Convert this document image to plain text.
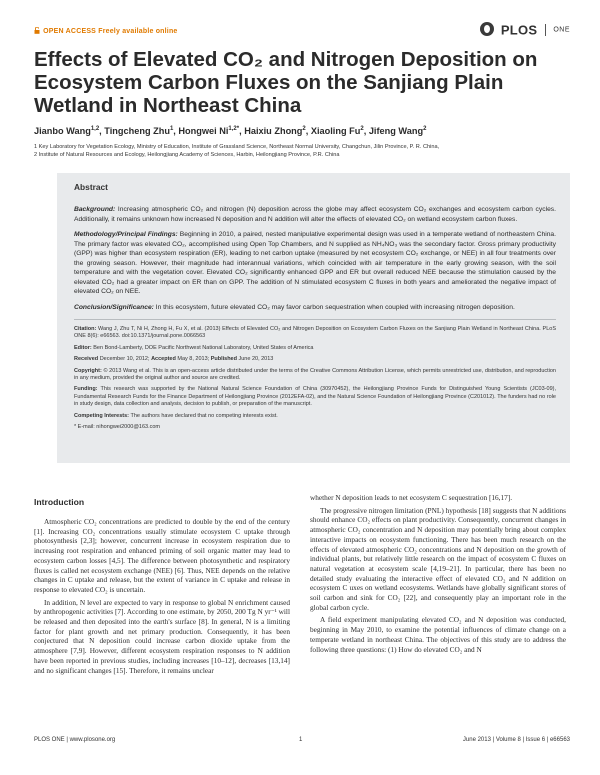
OPEN ACCESS Freely available online	PLOS ONE
Effects of Elevated CO₂ and Nitrogen Deposition on Ecosystem Carbon Fluxes on the Sanjiang Plain Wetland in Northeast China
Jianbo Wang$^{1,2}$, Tingcheng Zhu$^1$, Hongwei $Ni^{1,2*}$, Haixiu Zhong$^2$, Xiaoling Fu$^2$, Jifeng Wang$^2$
1 Key Laboratory for Vegetation Ecology, Ministry of Education, Institute of Grassland Science, Northeast Normal University, Changchun, Jilin Province, P. R. China,
2 Institute of Natural Resources and Ecology, Heilongjiang Academy of Sciences, Harbin, Heilongjiang Province, P.R. China
Abstract

Background: Increasing atmospheric CO₂ and nitrogen (N) deposition across the globe may affect ecosystem CO₂ exchanges and ecosystem carbon cycles. Additionally, it remains unknown how increased N deposition and N addition will alter the effects of elevated CO₂ on wetland ecosystem carbon fluxes.

Methodology/Principal Findings: Beginning in 2010, a paired, nested manipulative experimental design was used in a temperate wetland of northeastern China. The primary factor was elevated CO₂, accomplished using Open Top Chambers, and N supplied as NH₄NO₃ was the secondary factor. Gross primary productivity (GPP) was higher than ecosystem respiration (ER), leading to net carbon uptake (measured by net ecosystem CO₂ exchange, or NEE) in all four treatments over the growing season. However, their magnitude had interannual variations, which coincided with air temperature in the early growing season, with the soil temperature and with the vegetation cover. Elevated CO₂ significantly enhanced GPP and ER but overall reduced NEE because the stimulation caused by the elevated CO₂ had a greater impact on ER than on GPP. The addition of N stimulated ecosystem C fluxes in both years and ameliorated the negative impact of elevated CO₂ on NEE.

Conclusion/Significance: In this ecosystem, future elevated CO₂ may favor carbon sequestration when coupled with increasing nitrogen deposition.

Citation: Wang J, Zhu T, Ni H, Zhong H, Fu X, et al. (2013) Effects of Elevated CO₂ and Nitrogen Deposition on Ecosystem Carbon Fluxes on the Sanjiang Plain Wetland in Northeast China. PLoS ONE 8(6): e66563. doi:10.1371/journal.pone.0066563

Editor: Ben Bond-Lamberty, DOE Pacific Northwest National Laboratory, United States of America

Received December 10, 2012; Accepted May 8, 2013; Published June 20, 2013

Copyright: © 2013 Wang et al. This is an open-access article distributed under the terms of the Creative Commons Attribution License, which permits unrestricted use, distribution, and reproduction in any medium, provided the original author and source are credited.

Funding: This research was supported by the National Natural Science Foundation of China (30970452), the Heilongjiang Province Funds for Distinguished Young Scientists (JC03-09), Fundamental Research Funds for the Finance Department of Heilongjiang Province (2012EFA-02), and the Natural Science Foundation of Heilongjiang Province (C201012). The funders had no role in study design, data collection and analysis, decision to publish, or preparation of the manuscript.

Competing Interests: The authors have declared that no competing interests exist.

* E-mail: nihongwei2000@163.com

Introduction

Atmospheric CO₂ concentrations are predicted to double by the end of the century [1]. Increasing CO₂ concentrations usually stimulate ecosystem C uptake through photosynthesis [2,3]; however, concurrent increase in ecosystem respiration due to increasing root respiration and enhanced priming of soil organic matter may lead to ecosystem carbon losses [4,5]. The difference between photosynthetic and respiratory fluxes is called net ecosystem exchange (NEE) [6]. Thus, NEE depends on the relative changes in C uptake and release, but the extent of variance in C uptake and release in response to elevated CO₂ is uncertain.

In addition, N level are expected to vary in response to global N enrichment caused by anthropogenic activities [7]. According to one estimate, by 2050, 200 Tg N yr⁻¹ will be released and then deposited into the earth's surface [8]. In general, N is a limiting factor for plant growth and net primary production. Consequently, it has been conjectured that N deposition could increase carbon dioxide uptake from the atmosphere [7,9]. However, different ecosystem respiration responses to N addition have been reported in previous studies, including increases [10–12], decreases [13,14] and no significant changes [15]. Therefore, it remains unclear

whether N deposition leads to net ecosystem C sequestration [16,17].

The progressive nitrogen limitation (PNL) hypothesis [18] suggests that N additions should enhance CO₂ effects on plant productivity. Consequently, concurrent changes in atmospheric CO₂ concentration and N deposition may potentially bring about complex interactive impacts on ecosystem functioning. There has been much research on the effects of elevated atmospheric CO₂ concentrations and N deposition on the growth of individual plants, but relatively little research on the impact of ecosystem C fluxes on natural vegetation at ecosystem scale [4,19–21]. In particular, there has been no detailed study evaluating the interactive effect of elevated CO₂ and N addition on ecosystem C uxes on wetland ecosystems. Wetlands have globally significant stores of soil carbon and sink for CO₂ [22], and consequently play an important role in the global carbon cycle.

A field experiment manipulating elevated CO₂ and N deposition was conducted, beginning in May 2010, to examine the potential influences of climate change on a temperate wetland in northeast China. The objectives of this study are to address the following three questions: (1) How do elevated CO₂ and N

PLOS ONE | www.plosone.org	1	June 2013 | Volume 8 | Issue 6 | e66563
